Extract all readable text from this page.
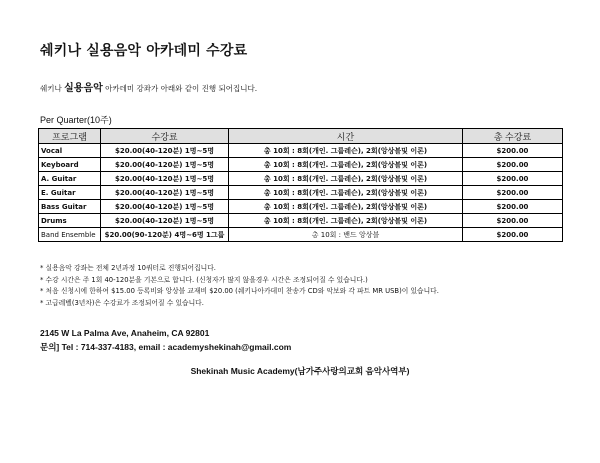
쉐키나 실용음악 아카데미 수강료
쉐키나 실용음악 아카데미 강좌가 아래와 같이 진행 되어집니다.
Per Quarter(10주)
프로그램	수강료	시간	총 수강료
Vocal	$20.00(40-120분) 1명~5명	총 10회 : 8회(개인. 그룹레슨), 2회(앙상블및 이론)	$200.00
Keyboard	$20.00(40-120분) 1명~5명	총 10회 : 8회(개인. 그룹레슨), 2회(앙상블및 이론)	$200.00
A. Guitar	$20.00(40-120분) 1명~5명	총 10회 : 8회(개인. 그룹레슨), 2회(앙상블및 이론)	$200.00
E. Guitar	$20.00(40-120분) 1명~5명	총 10회 : 8회(개인. 그룹레슨), 2회(앙상블및 이론)	$200.00
Bass Guitar	$20.00(40-120분) 1명~5명	총 10회 : 8회(개인. 그룹레슨), 2회(앙상블및 이론)	$200.00
Drums	$20.00(40-120분) 1명~5명	총 10회 : 8회(개인. 그룹레슨), 2회(앙상블및 이론)	$200.00
Band Ensemble	$20.00(90-120분) 4명~6명 1그룹	총 10회 : 밴드 앙상블	$200.00
* 실용음악 강좌는 전체 2년과정 10쿼터로 진행되어집니다.
* 수강 시간은 주 1회 40-120분을 기본으로 합니다. (신청자가 많지 않을경우 시간은 조정되어질 수 있습니다.)
* 처음 신청시에 한하여 $15.00 등록비와 앙상블 교재비 $20.00 (쉐키나아카데미 찬송가 CD와 악보와 각 파트 MR USB)이 있습니다.
* 고급레벨(3년차)은 수강료가 조정되어질 수 있습니다.
2145 W La Palma Ave, Anaheim, CA 92801
문의] Tel : 714-337-4183, email : academyshekinah@gmail.com
Shekinah Music Academy(남가주사랑의교회 음악사역부)
